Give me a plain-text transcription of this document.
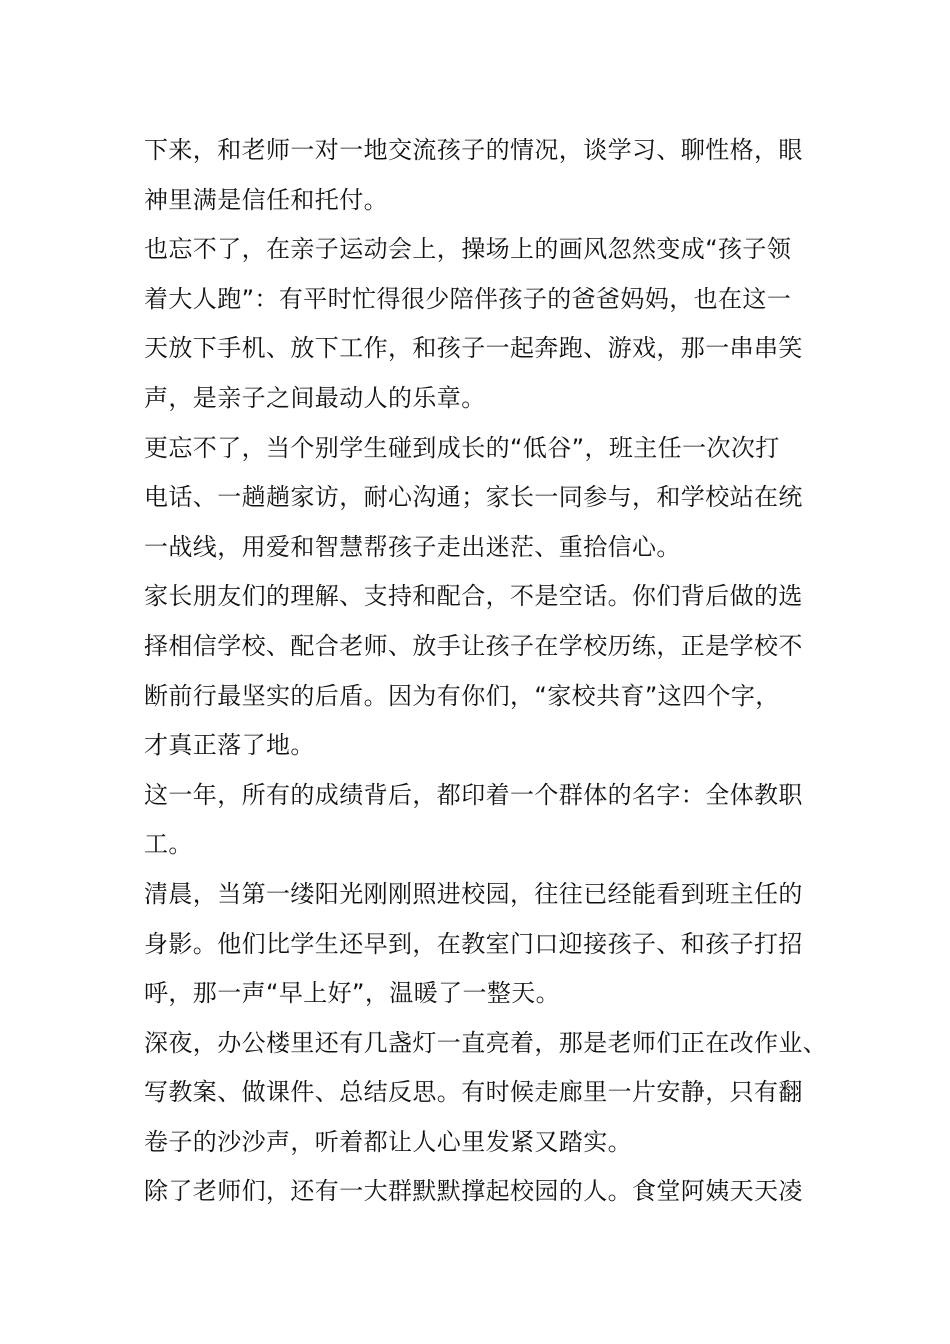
下来，和老师一对一地交流孩子的情况，谈学习、聊性格，眼
神里满是信任和托付。
也忘不了，在亲子运动会上，操场上的画风忽然变成“孩子领
着大人跑”：有平时忙得很少陪伴孩子的爸爸妈妈，也在这一
天放下手机、放下工作，和孩子一起奔跑、游戏，那一串串笑
声，是亲子之间最动人的乐章。
更忘不了，当个别学生碰到成长的“低谷”，班主任一次次打
电话、一趟趟家访，耐心沟通；家长一同参与，和学校站在统
一战线，用爱和智慧帮孩子走出迷茫、重拾信心。
家长朋友们的理解、支持和配合，不是空话。你们背后做的选
择相信学校、配合老师、放手让孩子在学校历练，正是学校不
断前行最坚实的后盾。因为有你们，“家校共育”这四个字，
才真正落了地。
这一年，所有的成绩背后，都印着一个群体的名字：全体教职
工。
清晨，当第一缕阳光刚刚照进校园，往往已经能看到班主任的
身影。他们比学生还早到，在教室门口迎接孩子、和孩子打招
呼，那一声“早上好”，温暖了一整天。
深夜，办公楼里还有几盏灯一直亮着，那是老师们正在改作业、
写教案、做课件、总结反思。有时候走廊里一片安静，只有翻
卷子的沙沙声，听着都让人心里发紧又踏实。
除了老师们，还有一大群默默撑起校园的人。食堂阿姨天天凌
